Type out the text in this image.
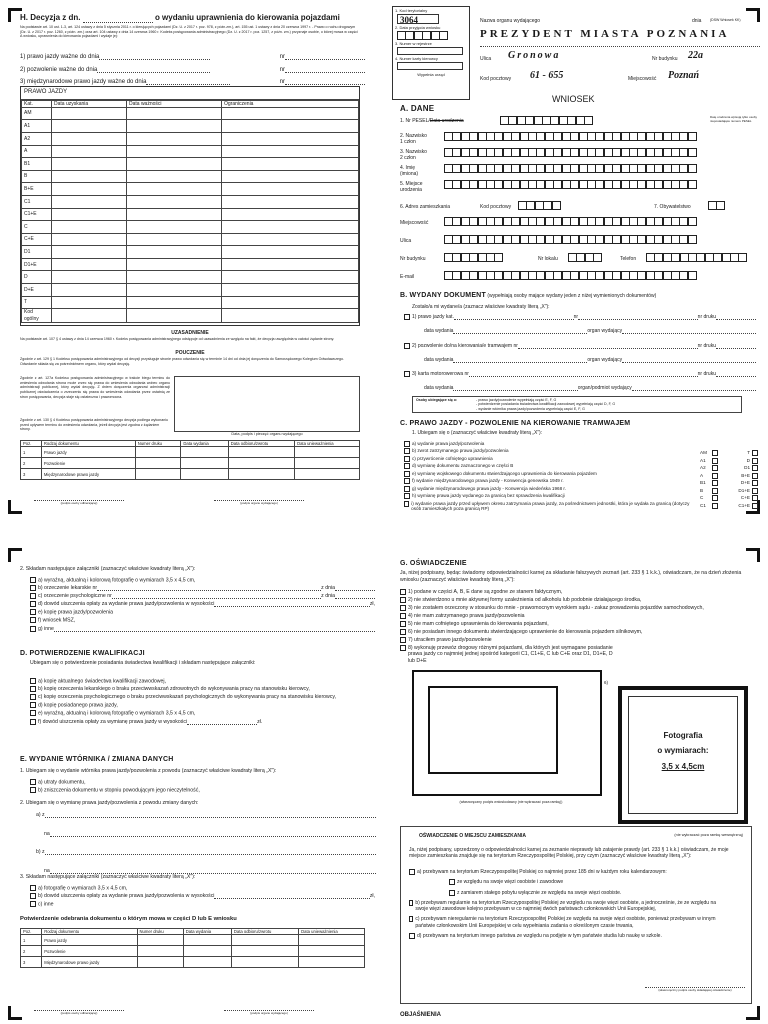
H. Decyzja z dn.	o wydaniu uprawnienia do kierowania pojazdami
Na podstawie art. 10 ust. 1-3, art. 124 ustawy z dnia 5 stycznia 2011 r. o kierujących pojazdami (Dz. U. z 2017 r. poz. 978, z późn.zm.), art. 155 ust. 1 ustawy z dnia 20 czerwca 1997 r. - Prawo o ruchu drogowym (Dz. U. z 2017 r. poz. 1260, z późn. zm.) oraz art. 104 ustawy z dnia 14 czerwca 1960 r. Kodeks postępowania administracyjnego (Dz. U. z 2017 r. poz. 1257, z późn. zm.) przyznaje osobie, o której mowa w części A wniosku, uprawnienia do kierowania pojazdami i wydaje jej:
1) prawo jazdy ważne do dnia	nr
2) pozwolenie ważne do dnia	nr
3) międzynarodowe prawo jazdy ważne do dnia	nr
PRAWO JAZDY
Kat.	Data uzyskania	Data ważności	Ograniczenia
AM			
A1			
A2			
A			
B1			
B			
B+E			
C1			
C1+E			
C			
C+E			
D1			
D1+E			
D			
D+E			
T			
Kod ogólny			
UZASADNIENIE
Na podstawie art. 107 § 4 ustawy z dnia 14 czerwca 1960 r. Kodeks postępowania administracyjnego odstępuje od uzasadnienia ze względu na fakt, że decyzja uwzględnia w całości żądanie strony.
POUCZENIE
Zgodnie z art. 129 § 1 Kodeksu postępowania administracyjnego od decyzji przysługuje stronie prawo odwołania się w terminie 14 dni od dnia jej doręczenia do Samorządowego Kolegium Odwoławczego. Odwołanie składa się za pośrednictwem organu, który wydał decyzję.
Zgodnie z art. 127a Kodeksu postępowania administracyjnego w trakcie biegu terminu do wniesienia odwołania strona może zrzec się prawa do wniesienia odwołania wobec organu administracji publicznej, który wydał decyzję. Z dniem doręczenia organowi administracji publicznej oświadczenia o zrzeczeniu się prawa do wniesienia odwołania przez ostatnią ze stron postępowania, decyzja staje się ostateczna i prawomocna.
Zgodnie z art. 130 § 4 Kodeksu postępowania administracyjnego decyzja podlega wykonaniu przed upływem terminu do wniesienia odwołania, jeżeli decyzja jest zgodna z żądaniem strony.
Data, podpis i pieczęć organu wydającego
Poz.	Rodzaj dokumentu	Numer druku	Data wydania	Data odbioru/zwrotu	Data unieważnienia
1	Prawo jazdy				
2	Pozwolenie				
3	Międzynarodowe prawo jazdy				
(podpis osoby odbierającej)	(podpis organu wydającego)
1. Kod terytorialny
3064
2. Data przyjęcia wniosku
3. Numer w rejestrze
4. Numer karty kierowcy
Wypełnia urząd
Nazwa organu wydającego	dnia (DSW Wniosek KK)
PREZYDENT MIASTA POZNANIA
Ulica Gronowa	Nr budynku 22a
Kod pocztowy 61 - 655	Miejscowość Poznań
WNIOSEK
A. DANE
1. Nr PESEL/Data urodzenia
Datę urodzenia wpisują tylko osoby nieposiadające numeru PESEL
2. Nazwisko 1 człon
3. Nazwisko 2 człon
4. Imię (imiona)
5. Miejsce urodzenia
6. Adres zamieszkania	Kod pocztowy	7. Obywatelstwo
Miejscowość
Ulica
Nr budynku	Nr lokalu	Telefon
E-mail
B. WYDANY DOKUMENT (wypełniają osoby mające wydany jeden z niżej wymienionych dokumentów)
Zostało/a mi wydane/a (zaznacz właściwe kwadraty literą „X”):
1) prawo jazdy kat.	nr	nr druku
data wydania	organ wydający
2) pozwolenie do/na kierowania/e tramwajem nr	nr druku
data wydania	organ wydający
3) karta motorowerowa nr	nr druku
data wydania	organ/podmiot wydający
Osoby ubiegające się o:	- prawo jazdy/pozwolenie wypełniają część E, F, G
- potwierdzenie posiadania świadectwa kwalifikacji zawodowej wypełniają część D, F, G
- wydanie wtórnika prawa jazdy/pozwolenia wypełniają część E, F, G
C. PRAWO JAZDY - POZWOLENIE NA KIEROWANIE TRAMWAJEM
1. Ubiegam się o (zaznaczyć właściwe kwadraty literą „X”):
a) wydanie prawa jazdy/pozwolenia
b) zwrot zatrzymanego prawa jazdy/pozwolenia
c) przywrócenie cofniętego uprawnienia
d) wymianę dokumentu zaznaczonego w części B
e) wymianę wojskowego dokumentu stwierdzającego uprawnienia do kierowania pojazdem
f) wydanie międzynarodowego prawa jazdy - Konwencja genewska 1949 r.
g) wydanie międzynarodowego prawa jazdy - Konwencja wiedeńska 1968 r.
h) wymianę prawa jazdy wydanego za granicą bez sprawdzenia kwalifikacji
i) wydanie prawa jazdy przed upływem okresu zatrzymania prawa jazdy, za pośrednictwem jednostki, która je wydała za granicą (dotyczy osób zamieszkałych poza granicą RP)
AM	T
A1	D
A2	D1
A	B+E
B1	D+E
B	D1+E
C	C+E
C1	C1+E
2. Składam następujące załączniki (zaznaczyć właściwe kwadraty literą „X”):
a) wyraźną, aktualną i kolorową fotografię o wymiarach 3,5 x 4,5 cm,
b) orzeczenie lekarskie nr	z dnia
c) orzeczenie psychologiczne nr	z dnia
d) dowód uiszczenia opłaty za wydanie prawa jazdy/pozwolenia w wysokości	zł,
e) kopię prawa jazdy/pozwolenia
f) wniosek MSZ,
g) inne
D. POTWIERDZENIE KWALIFIKACJI
Ubiegam się o potwierdzenie posiadania świadectwa kwalifikacji i składam następujące załączniki:
a) kopię aktualnego świadectwa kwalifikacji zawodowej,
b) kopię orzeczenia lekarskiego o braku przeciwwskazań zdrowotnych do wykonywania pracy na stanowisku kierowcy,
c) kopię orzeczenia psychologicznego o braku przeciwwskazań psychologicznych do wykonywania pracy na stanowisku kierowcy,
d) kopię posiadanego prawa jazdy,
e) wyraźną, aktualną i kolorową fotografię o wymiarach 3,5 x 4,5 cm,
f) dowód uiszczenia opłaty za wymianę prawa jazdy w wysokości	zł.
E. WYDANIE WTÓRNIKA / ZMIANA DANYCH
1. Ubiegam się o wydanie wtórnika prawa jazdy/pozwolenia z powodu (zaznaczyć właściwe kwadraty literą „X”):
a) utraty dokumentu,
b) zniszczenia dokumentu w stopniu powodującym jego nieczytelność,
2. Ubiegam się o wymianę prawa jazdy/pozwolenia z powodu zmiany danych:
a) z
na
b) z
na
3. Składam następujące załączniki (zaznaczyć właściwe kwadraty literą „X”):
a) fotografię o wymiarach 3,5 x 4,5 cm,
b) dowód uiszczenia opłaty za wydanie prawa jazdy/pozwolenia w wysokości	zł,
c) inne
Potwierdzenie odebrania dokumentu o którym mowa w części D lub E wniosku
Poz.	Rodzaj dokumentu	Numer druku	Data wydania	Data odbioru/zwrotu	Data unieważnienia
1	Prawo jazdy				
2	Pozwolenie				
3	Międzynarodowe prawo jazdy				
(podpis osoby odbierającej)	(podpis organu wydającego)
G. OŚWIADCZENIE
Ja, niżej podpisany, będąc świadomy odpowiedzialności karnej za składanie fałszywych zeznań (art. 233 § 1 k.k.), oświadczam, że na dzień złożenia wniosku (zaznaczyć właściwe kwadraty literą „X”):
1) podane w części A, B, E dane są zgodne ze stanem faktycznym,
2) nie stwierdzono u mnie aktywnej formy uzależnienia od alkoholu lub podobnie działającego środka,
3) nie zostałem orzeczony w stosunku do mnie - prawomocnym wyrokiem sądu - zakaz prowadzenia pojazdów samochodowych,
4) nie mam zatrzymanego prawa jazdy/pozwolenia
5) nie mam cofniętego uprawnienia do kierowania pojazdami,
6) nie posiadam innego dokumentu stwierdzającego uprawnienie do kierowania pojazdem silnikowym,
7) utraciłem prawo jazdy/pozwolenie
8) wykonuję przewóz drogowy różnymi pojazdami, dla których jest wymagane posiadanie prawa jazdy co najmniej jednej spośród kategorii C1, C1+E, C lub C+E oraz D1, D1+E, D lub D+E
6)
Fotografia
o wymiarach:
3,5 x 4,5cm
(własnoręczny podpis wnioskodawcy (nie wykraczać poza ramkę))
OŚWIADCZENIE O MIEJSCU ZAMIESZKANIA	(nie wykraczać poza ramkę wewnętrzną)
Ja, niżej podpisany, uprzedzony o odpowiedzialności karnej za zeznanie nieprawdy lub zatajenie prawdy (art. 233 § 1 k.k.) oświadczam, że moje miejsce zamieszkania znajduje się na terytorium Rzeczypospolitej Polskiej, przy czym (zaznaczyć właściwe kwadraty literą „X”):
a) przebywam na terytorium Rzeczypospolitej Polskiej co najmniej przez 185 dni w każdym roku kalendarzowym:
ze względu na swoje więzi osobiste i zawodowe
z zamiarem stałego pobytu wyłącznie ze względu na swoje więzi osobiste.
b) przebywam regularnie na terytorium Rzeczypospolitej Polskiej ze względu na swoje więzi osobiste, a jednocześnie, że ze względu na swoje więzi zawodowe kolejno przebywam w co najmniej dwóch państwach członkowskich Unii Europejskiej,
c) przebywam nieregularnie na terytorium Rzeczypospolitej Polskiej ze względu na swoje więzi osobiste, ponieważ przebywam w innym państwie członkowskim Unii Europejskiej w celu wypełniania zadania o określonym czasie trwania,
d) przebywam na terytorium innego państwa ze względu na podjęte w tym państwie studia lub naukę w szkole.
(własnoręczny podpis osoby składającej oświadczenie)
OBJAŚNIENIA
